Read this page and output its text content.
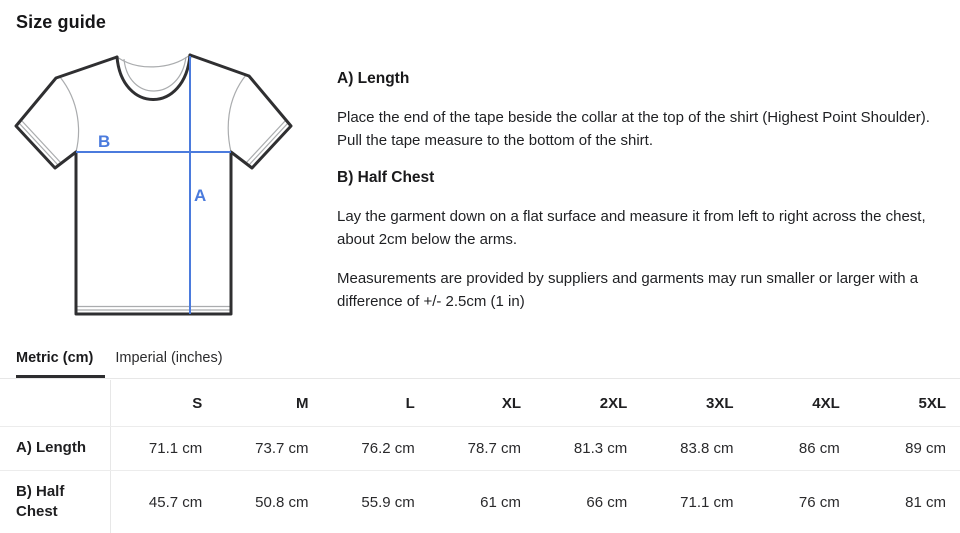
Size guide
B
A
A) Length

Place the end of the tape beside the collar at the top of the shirt (Highest Point Shoulder). Pull the tape measure to the bottom of the shirt.

B) Half Chest

Lay the garment down on a flat surface and measure it from left to right across the chest, about 2cm below the arms.

Measurements are provided by suppliers and garments may run smaller or larger with a difference of +/- 2.5cm (1 in)

Metric (cm)	Imperial (inches)
	S	M	L	XL	2XL	3XL	4XL	5XL
A) Length	71.1 cm	73.7 cm	76.2 cm	78.7 cm	81.3 cm	83.8 cm	86 cm	89 cm
B) Half Chest	45.7 cm	50.8 cm	55.9 cm	61 cm	66 cm	71.1 cm	76 cm	81 cm
